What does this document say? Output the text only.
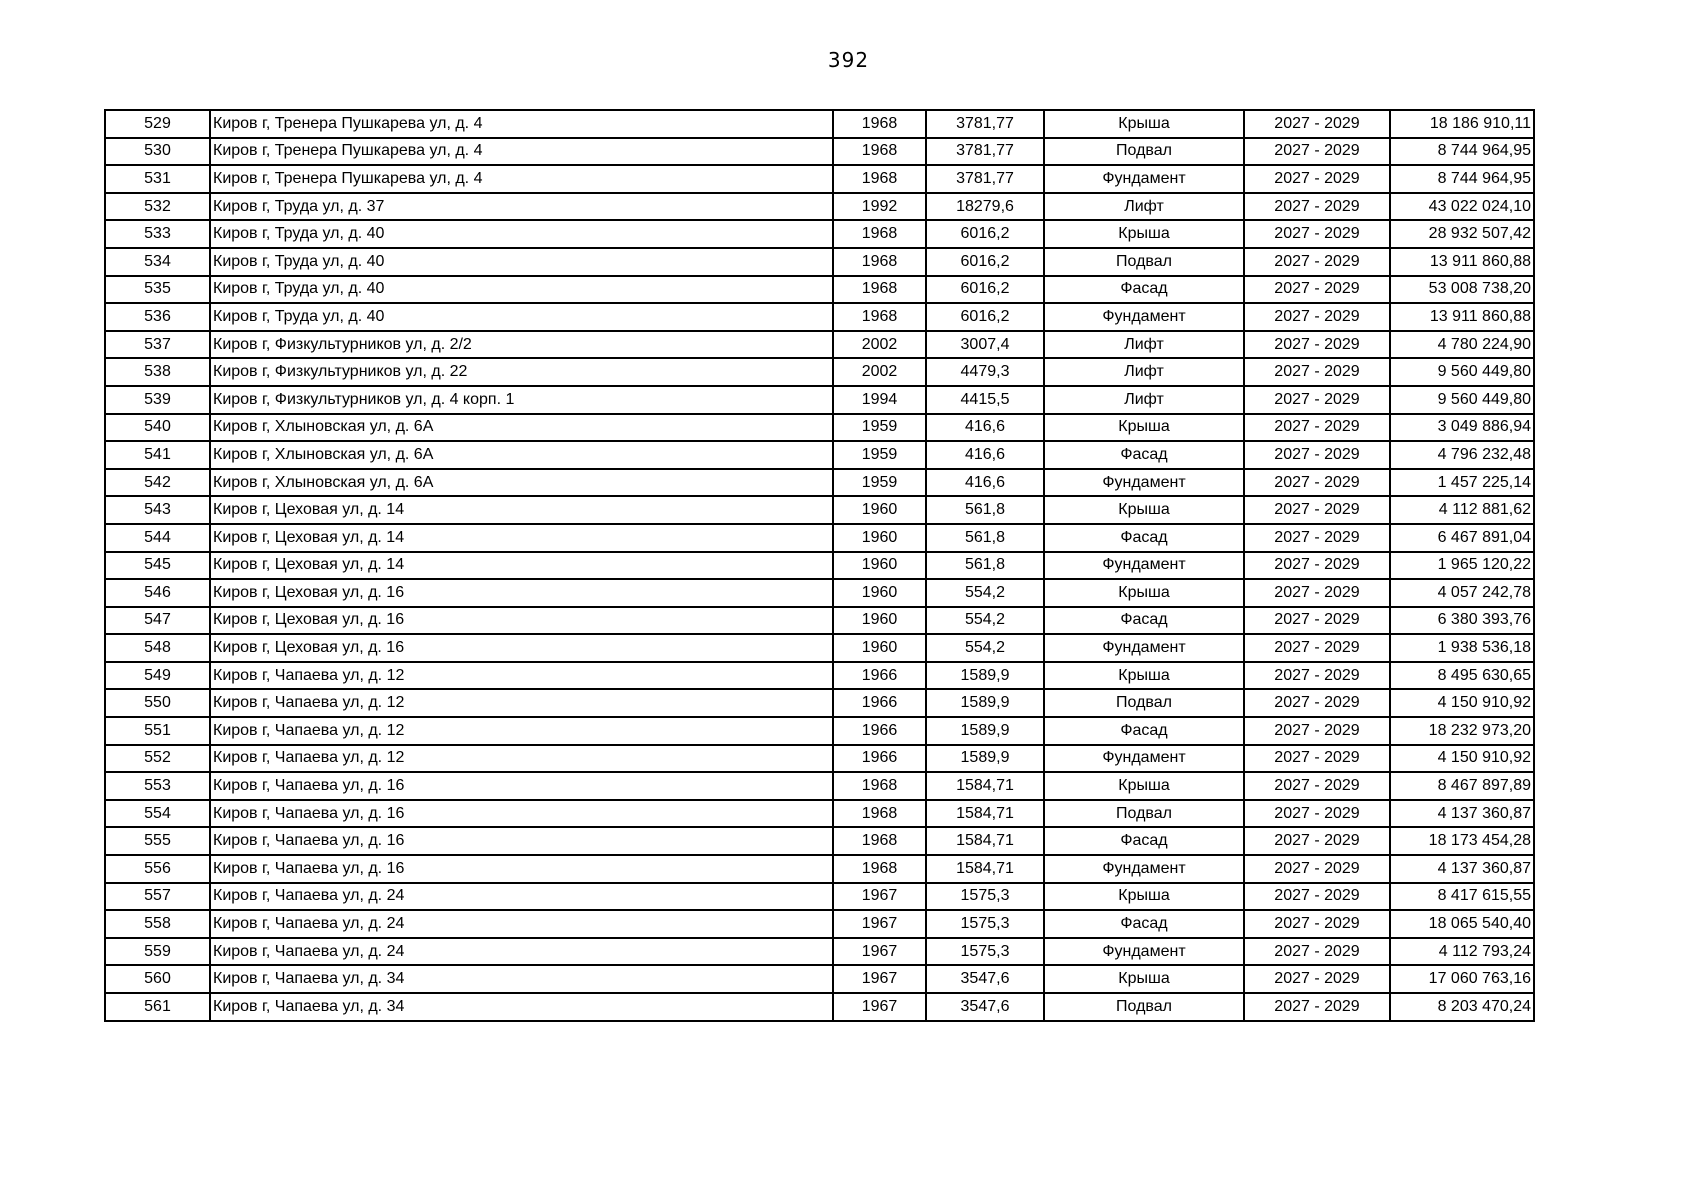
392
529	Киров г, Тренера Пушкарева ул, д. 4	1968	3781,77	Крыша	2027 - 2029	18 186 910,11
530	Киров г, Тренера Пушкарева ул, д. 4	1968	3781,77	Подвал	2027 - 2029	8 744 964,95
531	Киров г, Тренера Пушкарева ул, д. 4	1968	3781,77	Фундамент	2027 - 2029	8 744 964,95
532	Киров г, Труда ул, д. 37	1992	18279,6	Лифт	2027 - 2029	43 022 024,10
533	Киров г, Труда ул, д. 40	1968	6016,2	Крыша	2027 - 2029	28 932 507,42
534	Киров г, Труда ул, д. 40	1968	6016,2	Подвал	2027 - 2029	13 911 860,88
535	Киров г, Труда ул, д. 40	1968	6016,2	Фасад	2027 - 2029	53 008 738,20
536	Киров г, Труда ул, д. 40	1968	6016,2	Фундамент	2027 - 2029	13 911 860,88
537	Киров г, Физкультурников ул, д. 2/2	2002	3007,4	Лифт	2027 - 2029	4 780 224,90
538	Киров г, Физкультурников ул, д. 22	2002	4479,3	Лифт	2027 - 2029	9 560 449,80
539	Киров г, Физкультурников ул, д. 4 корп. 1	1994	4415,5	Лифт	2027 - 2029	9 560 449,80
540	Киров г, Хлыновская ул, д. 6А	1959	416,6	Крыша	2027 - 2029	3 049 886,94
541	Киров г, Хлыновская ул, д. 6А	1959	416,6	Фасад	2027 - 2029	4 796 232,48
542	Киров г, Хлыновская ул, д. 6А	1959	416,6	Фундамент	2027 - 2029	1 457 225,14
543	Киров г, Цеховая ул, д. 14	1960	561,8	Крыша	2027 - 2029	4 112 881,62
544	Киров г, Цеховая ул, д. 14	1960	561,8	Фасад	2027 - 2029	6 467 891,04
545	Киров г, Цеховая ул, д. 14	1960	561,8	Фундамент	2027 - 2029	1 965 120,22
546	Киров г, Цеховая ул, д. 16	1960	554,2	Крыша	2027 - 2029	4 057 242,78
547	Киров г, Цеховая ул, д. 16	1960	554,2	Фасад	2027 - 2029	6 380 393,76
548	Киров г, Цеховая ул, д. 16	1960	554,2	Фундамент	2027 - 2029	1 938 536,18
549	Киров г, Чапаева ул, д. 12	1966	1589,9	Крыша	2027 - 2029	8 495 630,65
550	Киров г, Чапаева ул, д. 12	1966	1589,9	Подвал	2027 - 2029	4 150 910,92
551	Киров г, Чапаева ул, д. 12	1966	1589,9	Фасад	2027 - 2029	18 232 973,20
552	Киров г, Чапаева ул, д. 12	1966	1589,9	Фундамент	2027 - 2029	4 150 910,92
553	Киров г, Чапаева ул, д. 16	1968	1584,71	Крыша	2027 - 2029	8 467 897,89
554	Киров г, Чапаева ул, д. 16	1968	1584,71	Подвал	2027 - 2029	4 137 360,87
555	Киров г, Чапаева ул, д. 16	1968	1584,71	Фасад	2027 - 2029	18 173 454,28
556	Киров г, Чапаева ул, д. 16	1968	1584,71	Фундамент	2027 - 2029	4 137 360,87
557	Киров г, Чапаева ул, д. 24	1967	1575,3	Крыша	2027 - 2029	8 417 615,55
558	Киров г, Чапаева ул, д. 24	1967	1575,3	Фасад	2027 - 2029	18 065 540,40
559	Киров г, Чапаева ул, д. 24	1967	1575,3	Фундамент	2027 - 2029	4 112 793,24
560	Киров г, Чапаева ул, д. 34	1967	3547,6	Крыша	2027 - 2029	17 060 763,16
561	Киров г, Чапаева ул, д. 34	1967	3547,6	Подвал	2027 - 2029	8 203 470,24
